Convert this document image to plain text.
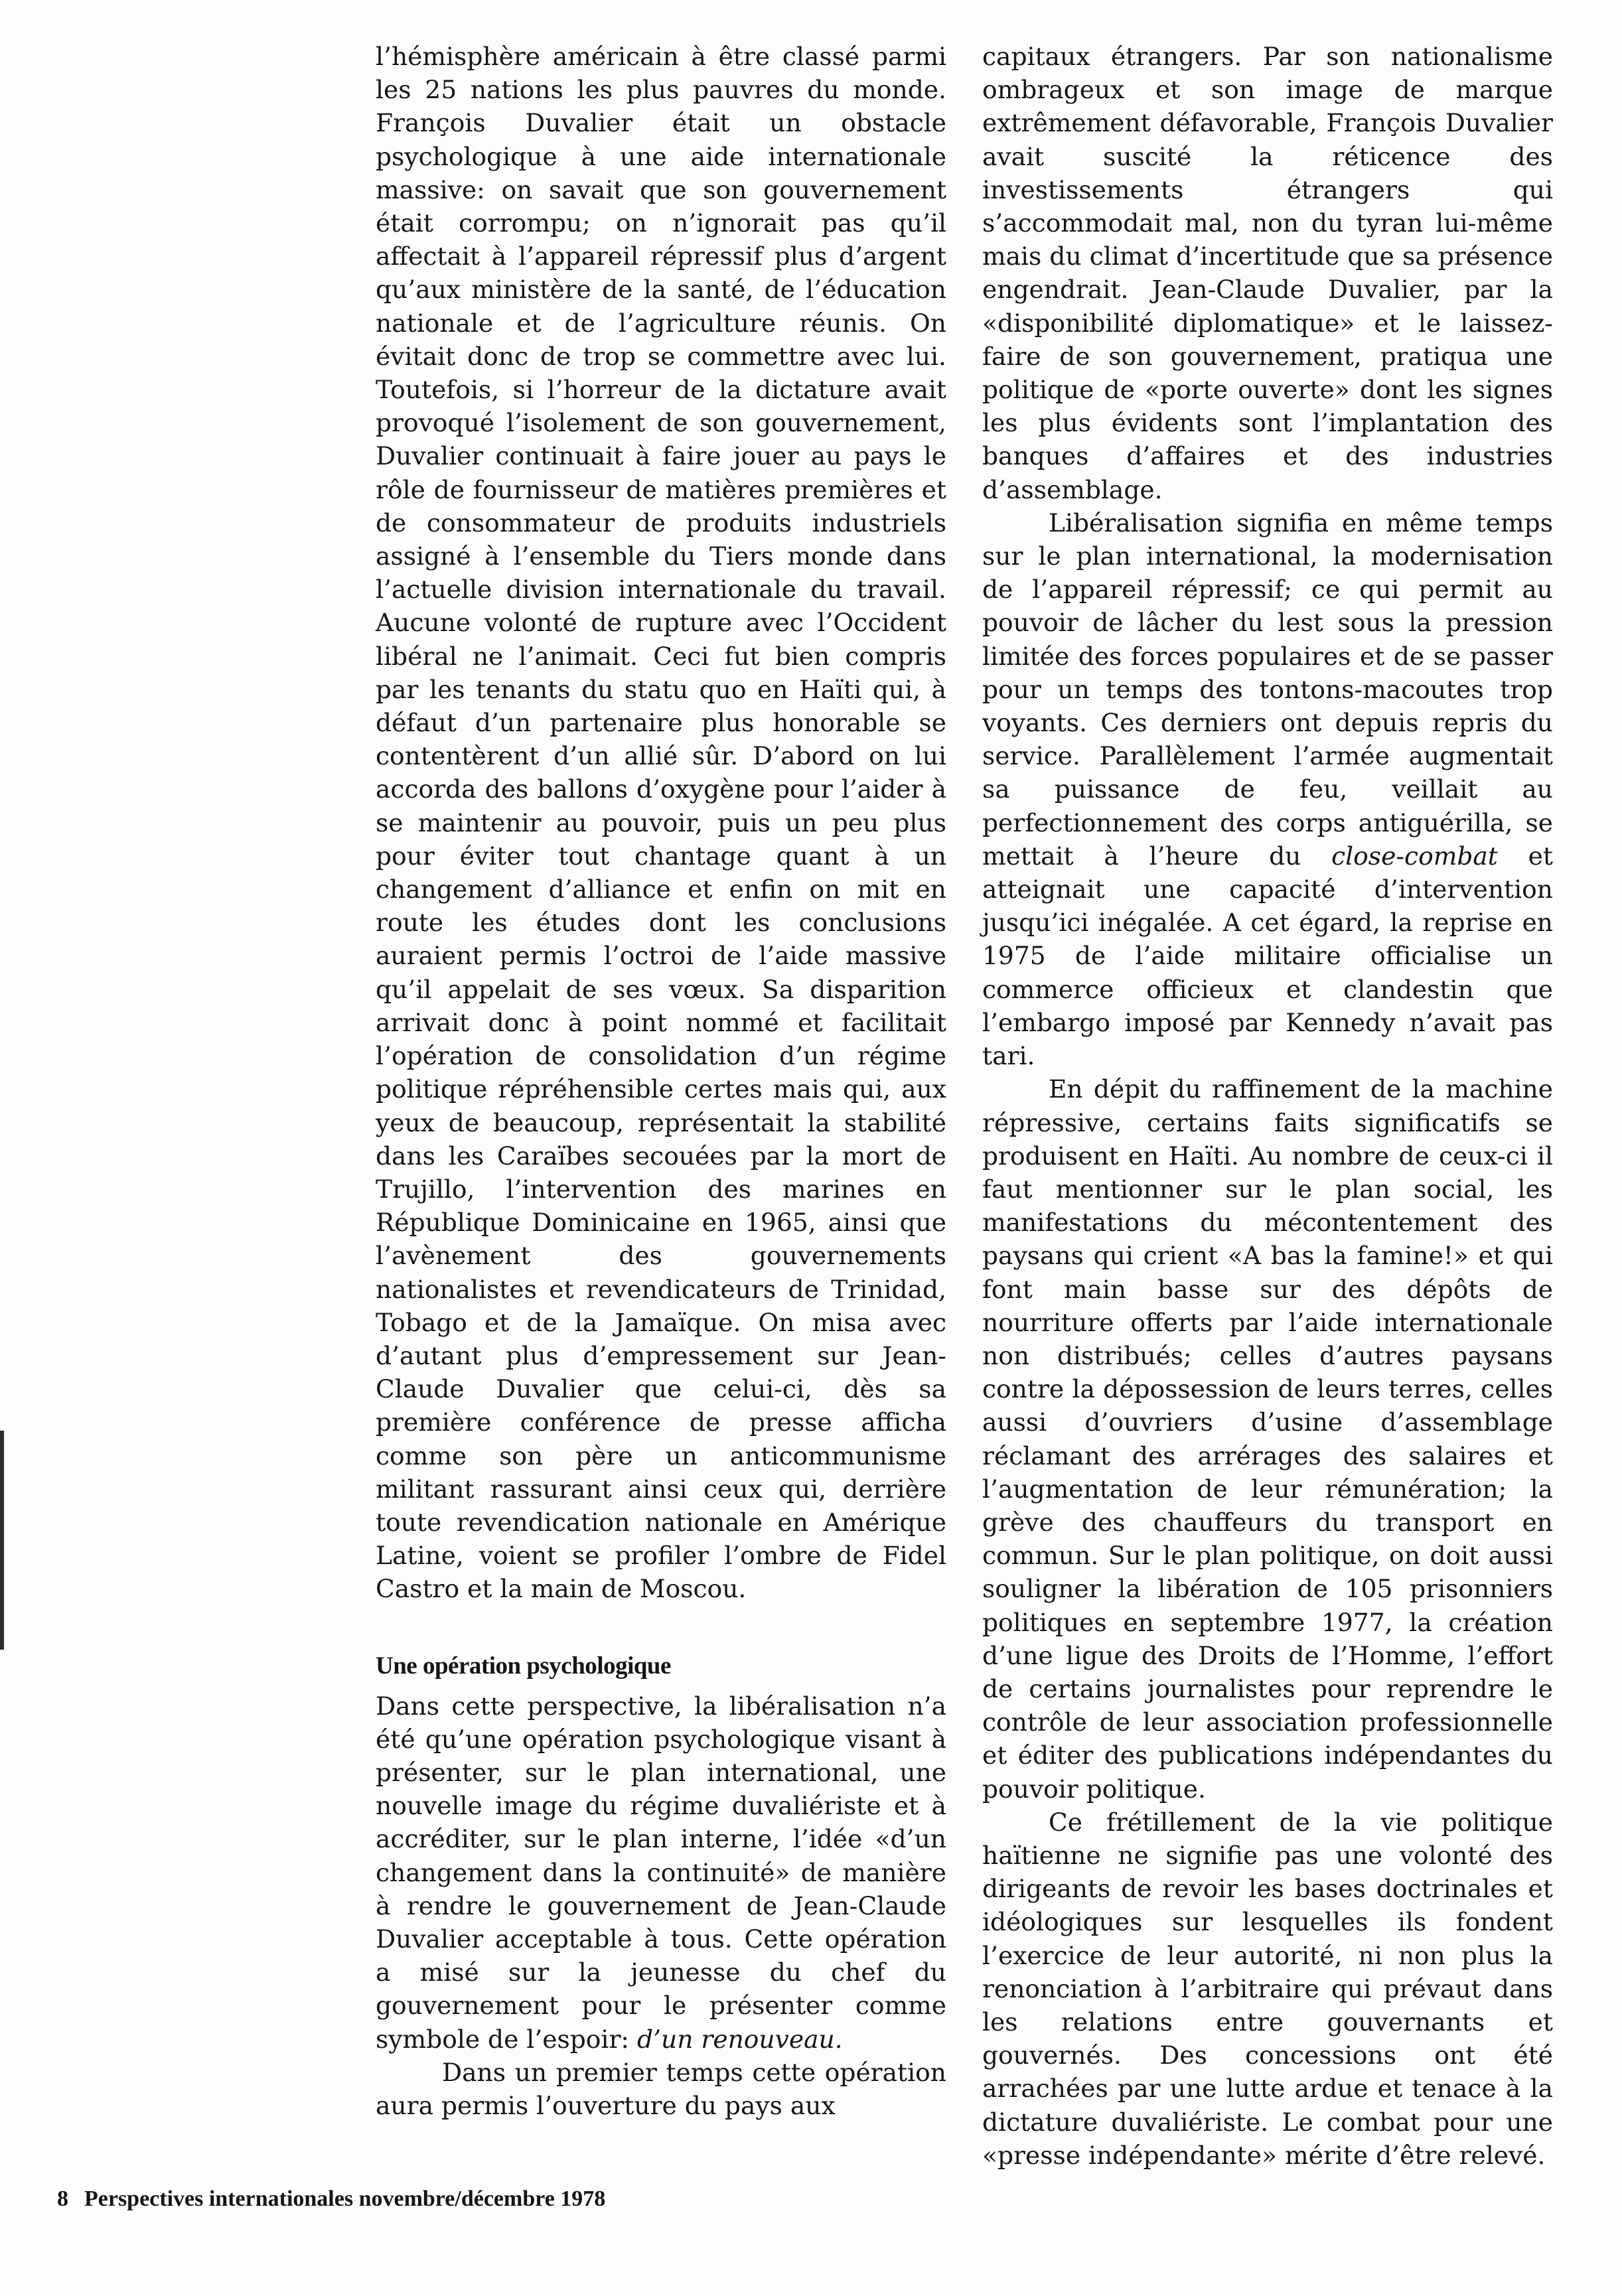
l’hémisphère américain à être classé parmi les 25 nations les plus pauvres du monde. François Duvalier était un obstacle psychologique à une aide internationale massive: on savait que son gouvernement était corrompu; on n’ignorait pas qu’il affectait à l’appareil répressif plus d’argent qu’aux ministère de la santé, de l’éducation nationale et de l’agriculture réunis. On évitait donc de trop se commettre avec lui. Toutefois, si l’horreur de la dictature avait provoqué l’isolement de son gouvernement, Duvalier continuait à faire jouer au pays le rôle de fournisseur de matières premières et de consommateur de produits industriels assigné à l’ensemble du Tiers monde dans l’actuelle division internationale du travail. Aucune volonté de rupture avec l’Occident libéral ne l’animait. Ceci fut bien compris par les tenants du statu quo en Haïti qui, à défaut d’un partenaire plus honorable se contentèrent d’un allié sûr. D’abord on lui accorda des ballons d’oxygène pour l’aider à se maintenir au pouvoir, puis un peu plus pour éviter tout chantage quant à un changement d’alliance et enfin on mit en route les études dont les conclusions auraient permis l’octroi de l’aide massive qu’il appelait de ses vœux. Sa disparition arrivait donc à point nommé et facilitait l’opération de consolidation d’un régime politique répréhensible certes mais qui, aux yeux de beaucoup, représentait la stabilité dans les Caraïbes secouées par la mort de Trujillo, l’intervention des marines en République Dominicaine en 1965, ainsi que l’avènement des gouvernements nationalistes et revendicateurs de Trinidad, Tobago et de la Jamaïque. On misa avec d’autant plus d’empressement sur Jean-Claude Duvalier que celui-ci, dès sa première conférence de presse afficha comme son père un anticommunisme militant rassurant ainsi ceux qui, derrière toute revendication nationale en Amérique Latine, voient se profiler l’ombre de Fidel Castro et la main de Moscou.

Une opération psychologique

Dans cette perspective, la libéralisation n’a été qu’une opération psychologique visant à présenter, sur le plan international, une nouvelle image du régime duvaliériste et à accréditer, sur le plan interne, l’idée «d’un changement dans la continuité» de manière à rendre le gouvernement de Jean-Claude Duvalier acceptable à tous. Cette opération a misé sur la jeunesse du chef du gouvernement pour le présenter comme symbole de l’espoir: d’un renouveau.

Dans un premier temps cette opération aura permis l’ouverture du pays aux

capitaux étrangers. Par son nationalisme ombrageux et son image de marque extrêmement défavorable, François Duvalier avait suscité la réticence des investissements étrangers qui s’accommodait mal, non du tyran lui-même mais du climat d’incertitude que sa présence engendrait. Jean-Claude Duvalier, par la «disponibilité diplomatique» et le laissez-faire de son gouvernement, pratiqua une politique de «porte ouverte» dont les signes les plus évidents sont l’implantation des banques d’affaires et des industries d’assemblage.

Libéralisation signifia en même temps sur le plan international, la modernisation de l’appareil répressif; ce qui permit au pouvoir de lâcher du lest sous la pression limitée des forces populaires et de se passer pour un temps des tontons-macoutes trop voyants. Ces derniers ont depuis repris du service. Parallèlement l’armée augmentait sa puissance de feu, veillait au perfectionnement des corps antiguérilla, se mettait à l’heure du close-combat et atteignait une capacité d’intervention jusqu’ici inégalée. A cet égard, la reprise en 1975 de l’aide militaire officialise un commerce officieux et clandestin que l’embargo imposé par Kennedy n’avait pas tari.

En dépit du raffinement de la machine répressive, certains faits significatifs se produisent en Haïti. Au nombre de ceux-ci il faut mentionner sur le plan social, les manifestations du mécontentement des paysans qui crient «A bas la famine!» et qui font main basse sur des dépôts de nourriture offerts par l’aide internationale non distribués; celles d’autres paysans contre la dépossession de leurs terres, celles aussi d’ouvriers d’usine d’assemblage réclamant des arrérages des salaires et l’augmentation de leur rémunération; la grève des chauffeurs du transport en commun. Sur le plan politique, on doit aussi souligner la libération de 105 prisonniers politiques en septembre 1977, la création d’une ligue des Droits de l’Homme, l’effort de certains journalistes pour reprendre le contrôle de leur association professionnelle et éditer des publications indépendantes du pouvoir politique.

Ce frétillement de la vie politique haïtienne ne signifie pas une volonté des dirigeants de revoir les bases doctrinales et idéologiques sur lesquelles ils fondent l’exercice de leur autorité, ni non plus la renonciation à l’arbitraire qui prévaut dans les relations entre gouvernants et gouvernés. Des concessions ont été arrachées par une lutte ardue et tenace à la dictature duvaliériste. Le combat pour une «presse indépendante» mérite d’être relevé.

8 Perspectives internationales novembre/décembre 1978
